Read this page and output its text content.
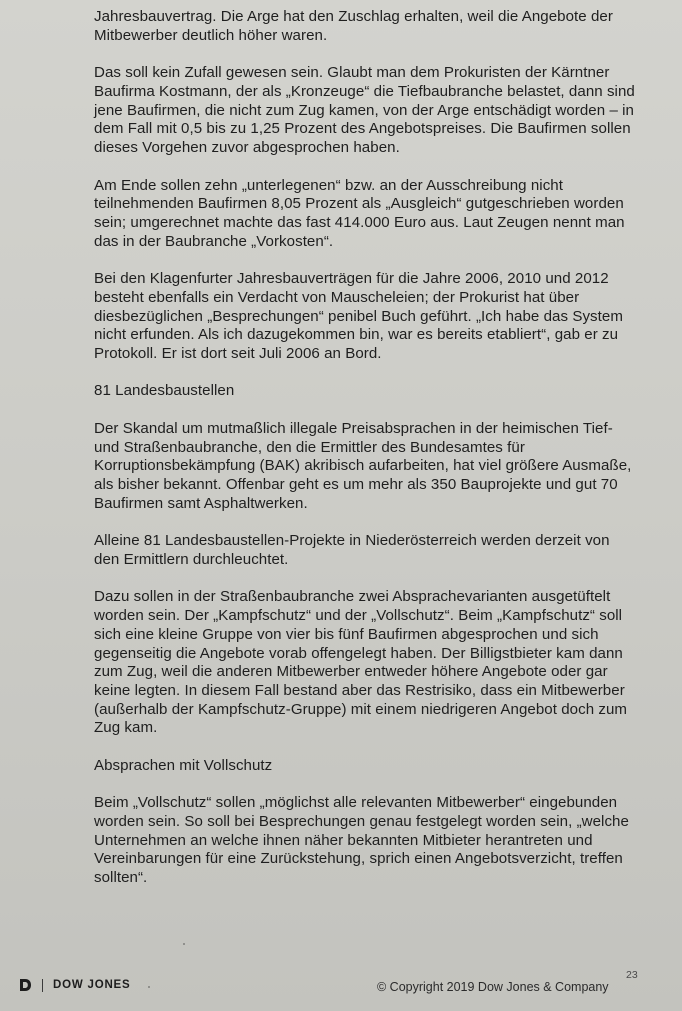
Jahresbauvertrag. Die Arge hat den Zuschlag erhalten, weil die Angebote der Mitbewerber deutlich höher waren.

Das soll kein Zufall gewesen sein. Glaubt man dem Prokuristen der Kärntner Baufirma Kostmann, der als „Kronzeuge“ die Tiefbaubranche belastet, dann sind jene Baufirmen, die nicht zum Zug kamen, von der Arge entschädigt worden – in dem Fall mit 0,5 bis zu 1,25 Prozent des Angebotspreises. Die Baufirmen sollen dieses Vorgehen zuvor abgesprochen haben.

Am Ende sollen zehn „unterlegenen“ bzw. an der Ausschreibung nicht teilnehmenden Baufirmen 8,05 Prozent als „Ausgleich“ gutgeschrieben worden sein; umgerechnet machte das fast 414.000 Euro aus. Laut Zeugen nennt man das in der Baubranche „Vorkosten“.

Bei den Klagenfurter Jahresbauverträgen für die Jahre 2006, 2010 und 2012 besteht ebenfalls ein Verdacht von Mauscheleien; der Prokurist hat über diesbezüglichen „Besprechungen“ penibel Buch geführt. „Ich habe das System nicht erfunden. Als ich dazugekommen bin, war es bereits etabliert“, gab er zu Protokoll. Er ist dort seit Juli 2006 an Bord.

81 Landesbaustellen

Der Skandal um mutmaßlich illegale Preisabsprachen in der heimischen Tief- und Straßenbaubranche, den die Ermittler des Bundesamtes für Korruptionsbekämpfung (BAK) akribisch aufarbeiten, hat viel größere Ausmaße, als bisher bekannt. Offenbar geht es um mehr als 350 Bauprojekte und gut 70 Baufirmen samt Asphaltwerken.

Alleine 81 Landesbaustellen-Projekte in Niederösterreich werden derzeit von den Ermittlern durchleuchtet.

Dazu sollen in der Straßenbaubranche zwei Absprachevarianten ausgetüftelt worden sein. Der „Kampfschutz“ und der „Vollschutz“. Beim „Kampfschutz“ soll sich eine kleine Gruppe von vier bis fünf Baufirmen abgesprochen und sich gegenseitig die Angebote vorab offengelegt haben. Der Billigstbieter kam dann zum Zug, weil die anderen Mitbewerber entweder höhere Angebote oder gar keine legten. In diesem Fall bestand aber das Restrisiko, dass ein Mitbewerber (außerhalb der Kampfschutz-Gruppe) mit einem niedrigeren Angebot doch zum Zug kam.

Absprachen mit Vollschutz

Beim „Vollschutz“ sollen „möglichst alle relevanten Mitbewerber“ eingebunden worden sein. So soll bei Besprechungen genau festgelegt worden sein, „welche Unternehmen an welche ihnen näher bekannten Mitbieter herantreten und Vereinbarungen für eine Zurückstehung, sprich einen Angebotsverzicht, treffen sollten“.

DOW JONES	© Copyright 2019 Dow Jones & Company
23
